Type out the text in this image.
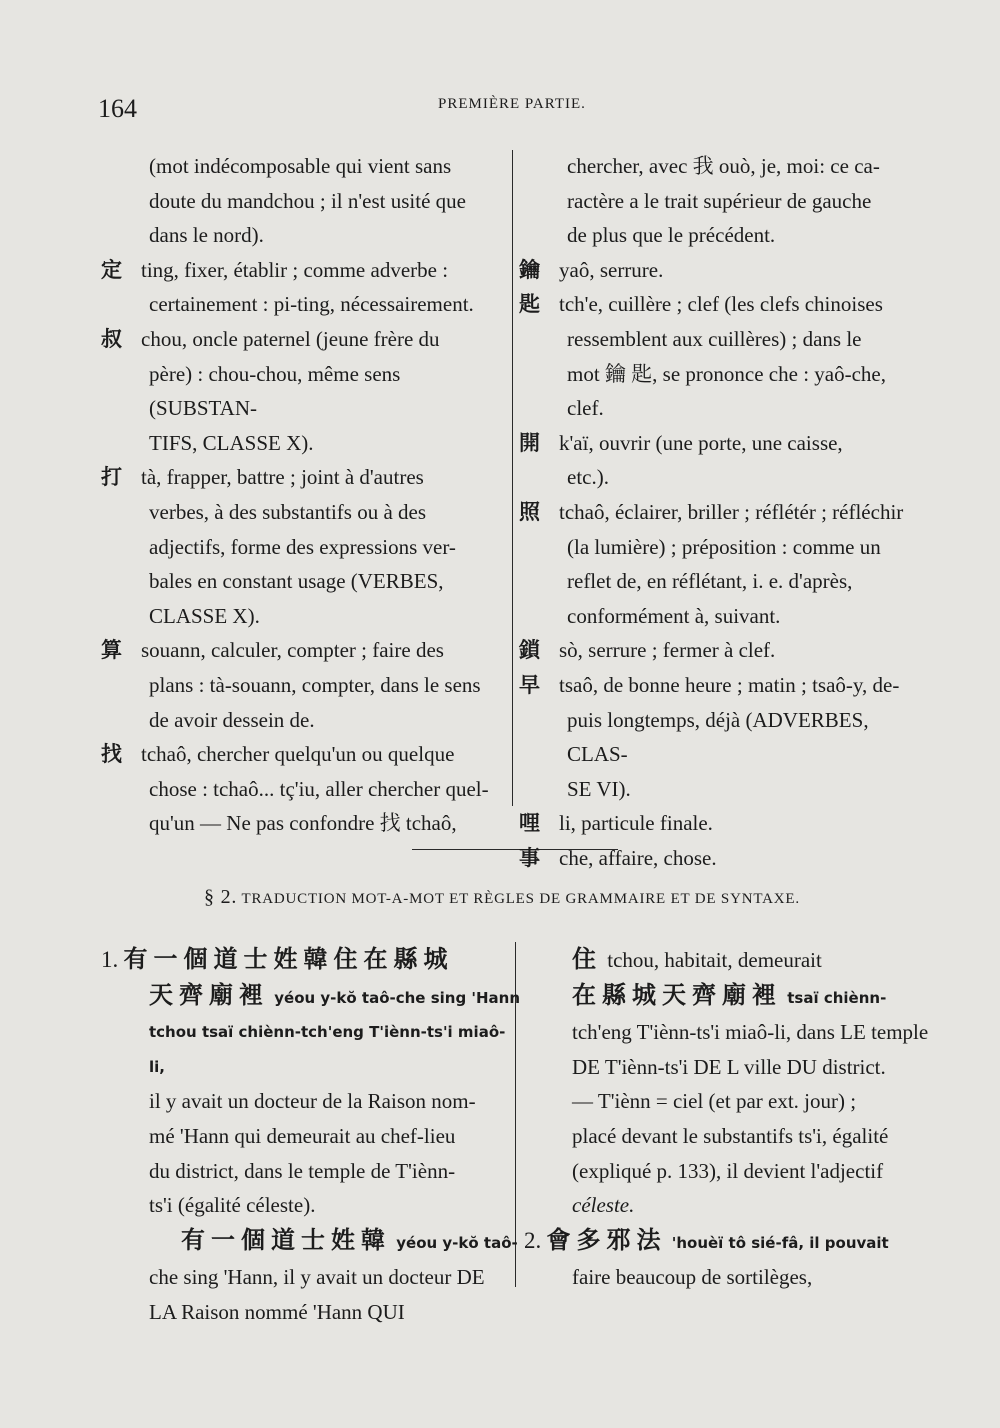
164	PREMIÈRE PARTIE.
(mot indécomposable qui vient sans
doute du mandchou ; il n'est usité que
dans le nord).
定 ting, fixer, établir ; comme adverbe :
certainement : pi-ting, nécessairement.
叔 chou, oncle paternel (jeune frère du
père) : chou-chou, même sens (SUBSTAN-
TIFS, CLASSE X).
打 tà, frapper, battre ; joint à d'autres
verbes, à des substantifs ou à des
adjectifs, forme des expressions ver-
bales en constant usage (VERBES,
CLASSE X).
算 souann, calculer, compter ; faire des
plans : tà-souann, compter, dans le sens
de avoir dessein de.
找 tchaô, chercher quelqu'un ou quelque
chose : tchaô... tç'iu, aller chercher quel-
qu'un — Ne pas confondre 找 tchaô,
chercher, avec 我 ouò, je, moi: ce ca-
ractère a le trait supérieur de gauche
de plus que le précédent.
鑰 yaô, serrure.
匙 tch'e, cuillère ; clef (les clefs chinoises
ressemblent aux cuillères) ; dans le
mot 鑰 匙, se prononce che : yaô-che,
clef.
開 k'aï, ouvrir (une porte, une caisse,
etc.).
照 tchaô, éclairer, briller ; réflétér ; réfléchir
(la lumière) ; préposition : comme un
reflet de, en réflétant, i. e. d'après,
conformément à, suivant.
鎖 sò, serrure ; fermer à clef.
早 tsaô, de bonne heure ; matin ; tsaô-y, de-
puis longtemps, déjà (ADVERBES, CLAS-
SE VI).
哩 li, particule finale.
事 che, affaire, chose.
§ 2. TRADUCTION MOT-A-MOT ET RÈGLES DE GRAMMAIRE ET DE SYNTAXE.
1. 有一個道士姓韓住在縣城
天齊廟裡 yéou y-kŏ taô-che sing 'Hann
tchou tsaï chiènn-tch'eng T'iènn-ts'i miaô-li,
il y avait un docteur de la Raison nom-
mé 'Hann qui demeurait au chef-lieu
du district, dans le temple de T'iènn-
ts'i (égalité céleste).
有一個道士姓韓 yéou y-kŏ taô-
che sing 'Hann, il y avait un docteur DE
LA Raison nommé 'Hann QUI
住 tchou, habitait, demeurait
在縣城天齊廟裡 tsaï chiènn-
tch'eng T'iènn-ts'i miaô-li, dans LE temple
DE T'iènn-ts'i DE L ville DU district.
— T'iènn = ciel (et par ext. jour) ;
placé devant le substantifs ts'i, égalité
(expliqué p. 133), il devient l'adjectif
céleste.
2. 會多邪法 'houèï tô sié-fâ, il pouvait
faire beaucoup de sortilèges,
